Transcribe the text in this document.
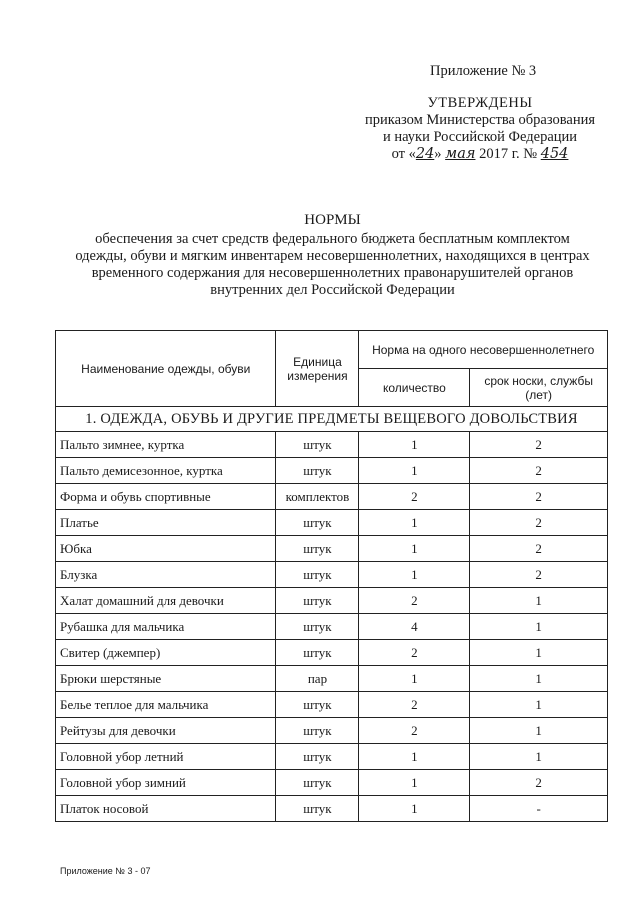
Приложение № 3
УТВЕРЖДЕНЫ
приказом Министерства образования
и науки Российской Федерации
от «24» мая 2017 г. № 454
НОРМЫ
обеспечения за счет средств федерального бюджета бесплатным комплектом
одежды, обуви и мягким инвентарем несовершеннолетних, находящихся в центрах
временного содержания для несовершеннолетних правонарушителей органов
внутренних дел Российской Федерации
Наименование одежды, обуви	Единица измерения	Норма на одного несовершеннолетнего	
		количество	срок носки, службы (лет)
1. ОДЕЖДА, ОБУВЬ И ДРУГИЕ ПРЕДМЕТЫ ВЕЩЕВОГО ДОВОЛЬСТВИЯ			
Пальто зимнее, куртка	штук	1	2
Пальто демисезонное, куртка	штук	1	2
Форма и обувь спортивные	комплектов	2	2
Платье	штук	1	2
Юбка	штук	1	2
Блузка	штук	1	2
Халат домашний для девочки	штук	2	1
Рубашка для мальчика	штук	4	1
Свитер (джемпер)	штук	2	1
Брюки шерстяные	пар	1	1
Белье теплое для мальчика	штук	2	1
Рейтузы для девочки	штук	2	1
Головной убор летний	штук	1	1
Головной убор зимний	штук	1	2
Платок носовой	штук	1	-
Приложение № 3 - 07
